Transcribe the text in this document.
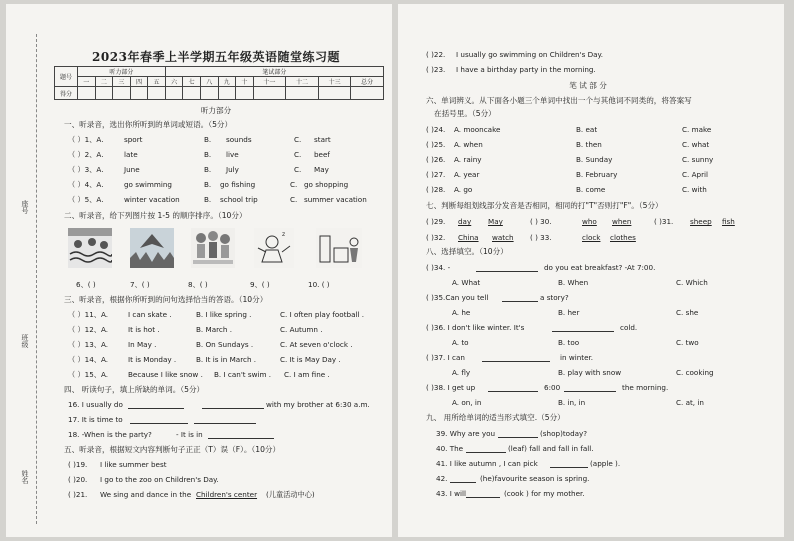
座号
班级
姓名
2023年春季上半学期五年级英语随堂练习题
题号	听力部分					笔试部分								
	一	二	三	四	五	六	七	八	九	十	十一	十二	十三	总分
得分														
听力部分
一、听录音，选出你所听到的单词或短语。（5分）
（ ）1、A.	sport	B. sounds	C. start
（ ）2、A.	late	B. live	C. beef
（ ）3、A.	June	B. July	C. May
（ ）4、A.	go swimming	B. go fishing	C. go shopping
（ ）5、A.	winter vacation	B. school trip	C. summer vacation
二、听录音，给下列图片按 1-5 的顺序排序。（10分）
z
6、( )	7、( )	8、( )	9、( )	10. ( )
三、听录音，根据你所听到的问句选择恰当的答语。（10分）
（ ）11、A.	I can skate .	B. I like spring .	C. I often play football .
（ ）12、A.	It is hot .	B. March .	C. Autumn .
（ ）13、A.	In May .	B. On Sundays .	C. At seven o'clock .
（ ）14、A.	It is Monday .	B. It is in March .	C. It is May Day .
（ ）15、A.	Because I like snow . B. I can't swim . C. I am fine .
四、 听读句子，填上所缺的单词。（5分）
16. I usually do	with my brother at 6:30 a.m.
17. It is time to
18. -When is the party?	- It is in
五、听录音，根据短文内容判断句子正正（T）误（F）。（10分）
( )19. I like summer best
( )20. I go to the zoo on Children's Day.
( )21. We sing and dance in the Children's center (儿童活动中心)
( )22. I usually go swimming on Children's Day.
( )23. I have a birthday party in the morning.
笔 试 部 分
六、单词辨义。从下面各小题三个单词中找出一个与其他词不同类的，将答案写
在括号里。（5分）
( )24. A. mooncake	B. eat	C. make
( )25. A. when	B. then	C. what
( )26. A. rainy	B. Sunday	C. sunny
( )27. A. year	B. February	C. April
( )28. A. go	B. come	C. with
七、判断每组划线部分发音是否相同，相同的打"T"否则打"F"。（5分）
( )29. day May	( ) 30.	who when	( )31. sheep fish
( )32. China watch ( ) 33.	clock clothes
八、选择填空。（10分）
( )34. -	do you eat breakfast? -At 7:00.
A. What	B. When	C. Which
( )35.Can you tell	a story?
A. he	B. her	C. she
( )36. I don't like winter. It's	cold.
A. to	B. too	C. two
( )37. I can	in winter.
A. fly	B. play with snow	C. cooking
( )38. I get up	6:00	the morning.
A. on, in	B. in, in	C. at, in
九、 用所给单词的适当形式填空.（5分）
39. Why are you	(shop)today?
40. The	(leaf) fall and fall in fall.
41. I like autumn , I can pick	(apple ).
42.	(he)favourite season is spring.
43. I will	(cook ) for my mother.
